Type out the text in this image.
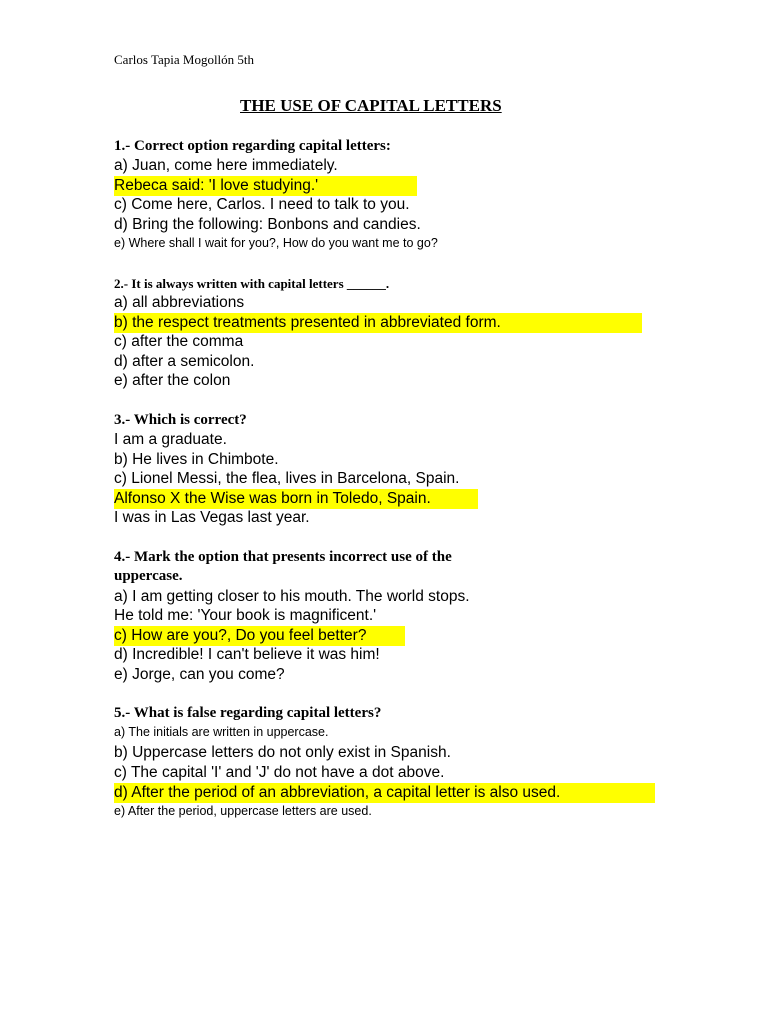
Carlos Tapia Mogollón 5th
THE USE OF CAPITAL LETTERS
1.- Correct option regarding capital letters:
a) Juan, come here immediately.
Rebeca said: 'I love studying.'
c) Come here, Carlos. I need to talk to you.
d) Bring the following: Bonbons and candies.
e) Where shall I wait for you?, How do you want me to go?
2.- It is always written with capital letters ______.
a) all abbreviations
b) the respect treatments presented in abbreviated form.
c) after the comma
d) after a semicolon.
e) after the colon
3.- Which is correct?
I am a graduate.
b) He lives in Chimbote.
c) Lionel Messi, the flea, lives in Barcelona, Spain.
Alfonso X the Wise was born in Toledo, Spain.
I was in Las Vegas last year.
4.- Mark the option that presents incorrect use of the
uppercase.
a) I am getting closer to his mouth. The world stops.
He told me: 'Your book is magnificent.'
c) How are you?, Do you feel better?
d) Incredible! I can't believe it was him!
e) Jorge, can you come?
5.- What is false regarding capital letters?
a) The initials are written in uppercase.
b) Uppercase letters do not only exist in Spanish.
c) The capital 'I' and 'J' do not have a dot above.
d) After the period of an abbreviation, a capital letter is also used.
e) After the period, uppercase letters are used.
